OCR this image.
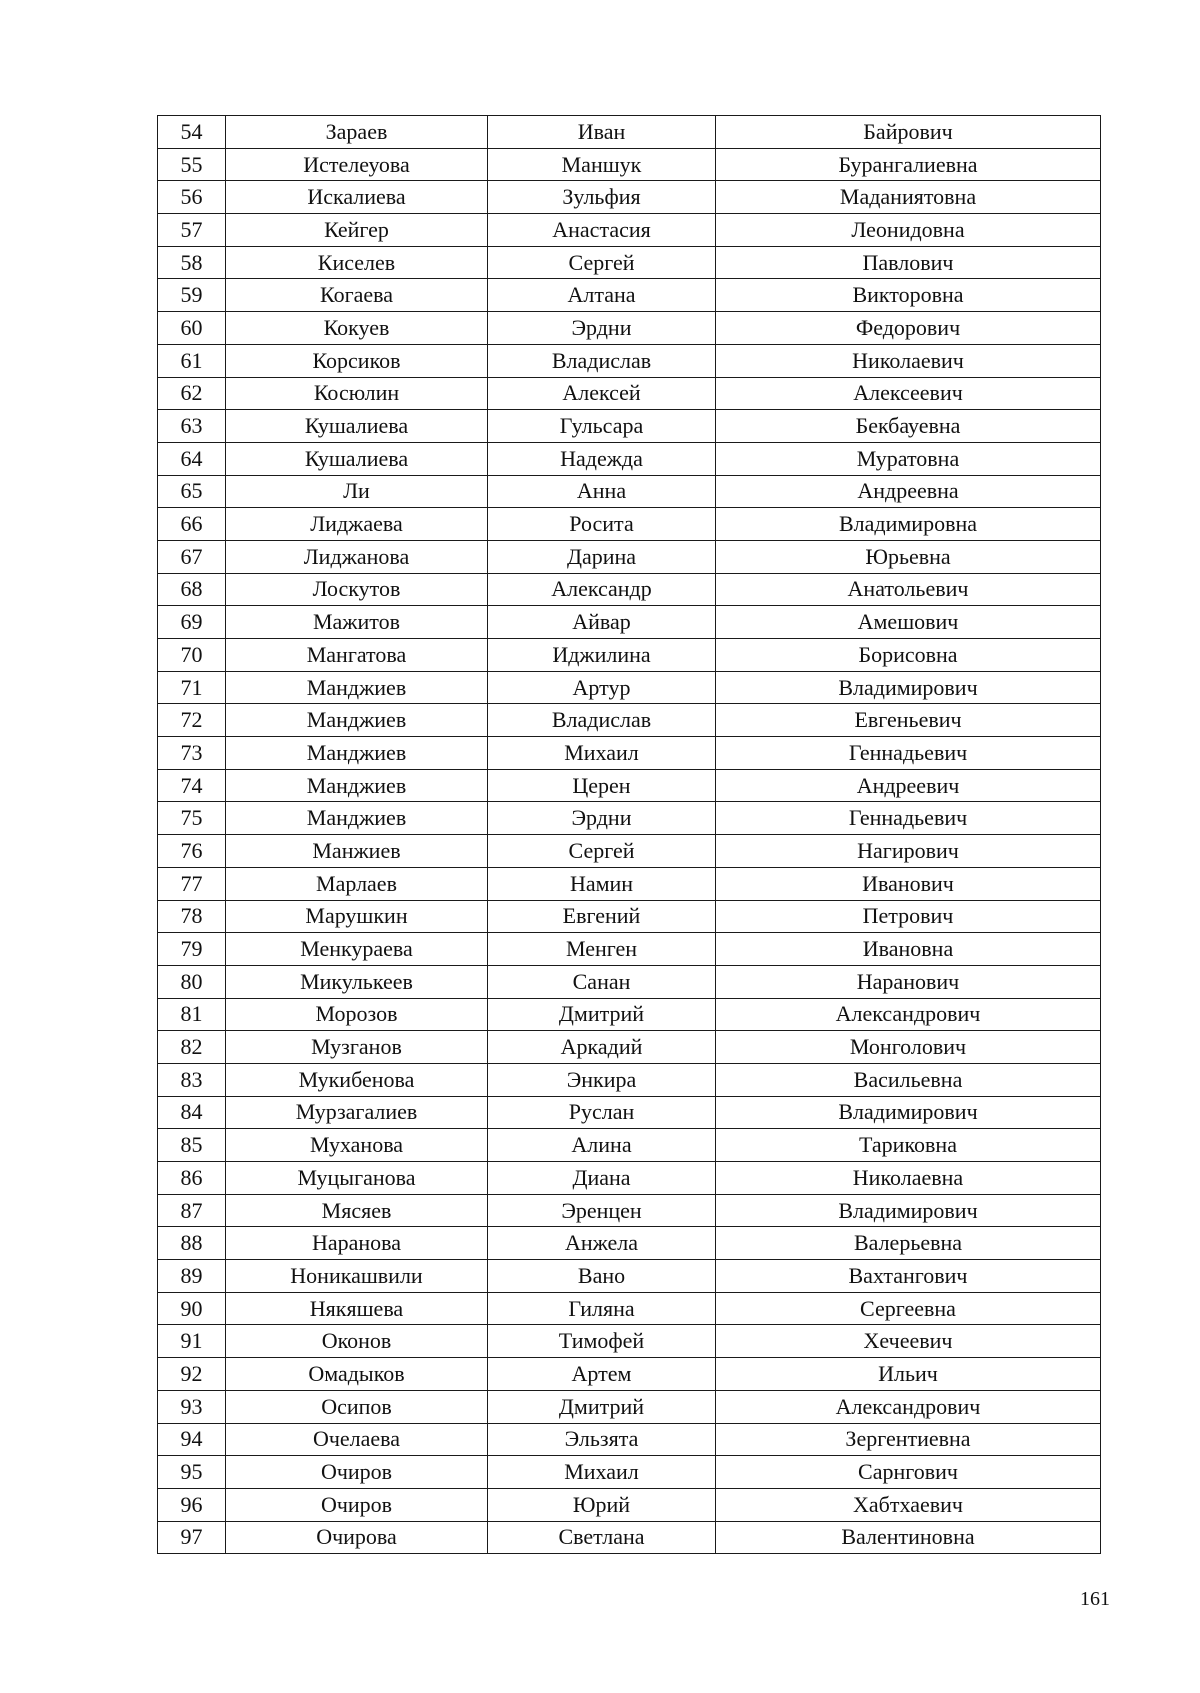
54	Зараев	Иван	Байрович
55	Истелеуова	Маншук	Бурангалиевна
56	Искалиева	Зульфия	Маданиятовна
57	Кейгер	Анастасия	Леонидовна
58	Киселев	Сергей	Павлович
59	Когаева	Алтана	Викторовна
60	Кокуев	Эрдни	Федорович
61	Корсиков	Владислав	Николаевич
62	Косюлин	Алексей	Алексеевич
63	Кушалиева	Гульсара	Бекбауевна
64	Кушалиева	Надежда	Муратовна
65	Ли	Анна	Андреевна
66	Лиджаева	Росита	Владимировна
67	Лиджанова	Дарина	Юрьевна
68	Лоскутов	Александр	Анатольевич
69	Мажитов	Айвар	Амешович
70	Мангатова	Иджилина	Борисовна
71	Манджиев	Артур	Владимирович
72	Манджиев	Владислав	Евгеньевич
73	Манджиев	Михаил	Геннадьевич
74	Манджиев	Церен	Андреевич
75	Манджиев	Эрдни	Геннадьевич
76	Манжиев	Сергей	Нагирович
77	Марлаев	Намин	Иванович
78	Марушкин	Евгений	Петрович
79	Менкураева	Менген	Ивановна
80	Микулькеев	Санан	Наранович
81	Морозов	Дмитрий	Александрович
82	Музганов	Аркадий	Монголович
83	Мукибенова	Энкира	Васильевна
84	Мурзагалиев	Руслан	Владимирович
85	Муханова	Алина	Тариковна
86	Муцыганова	Диана	Николаевна
87	Мясяев	Эренцен	Владимирович
88	Наранова	Анжела	Валерьевна
89	Ноникашвили	Вано	Вахтангович
90	Някяшева	Гиляна	Сергеевна
91	Оконов	Тимофей	Хечеевич
92	Омадыков	Артем	Ильич
93	Осипов	Дмитрий	Александрович
94	Очелаева	Эльзята	Зергентиевна
95	Очиров	Михаил	Сарнгович
96	Очиров	Юрий	Хабтхаевич
97	Очирова	Светлана	Валентиновна
161
